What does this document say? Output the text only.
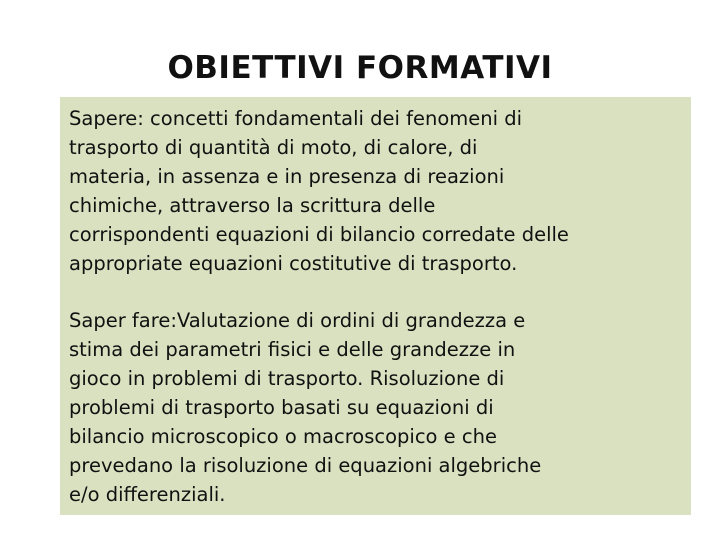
OBIETTIVI FORMATIVI

Sapere: concetti fondamentali dei fenomeni di
trasporto di quantità di moto, di calore, di
materia, in assenza e in presenza di reazioni
chimiche, attraverso la scrittura delle
corrispondenti equazioni di bilancio corredate delle
appropriate equazioni costitutive di trasporto.

Saper fare:Valutazione di ordini di grandezza e
stima dei parametri fisici e delle grandezze in
gioco in problemi di trasporto. Risoluzione di
problemi di trasporto basati su equazioni di
bilancio microscopico o macroscopico e che
prevedano la risoluzione di equazioni algebriche
e/o differenziali.
